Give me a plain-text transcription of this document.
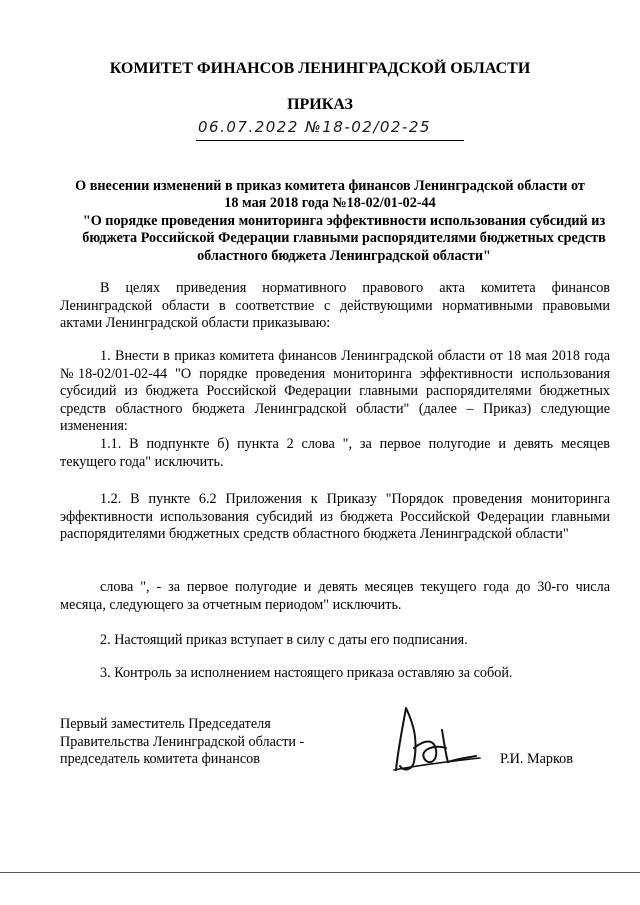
КОМИТЕТ ФИНАНСОВ ЛЕНИНГРАДСКОЙ ОБЛАСТИ
ПРИКАЗ
06.07.2022 №18-02/02-25
О внесении изменений в приказ комитета финансов Ленинградской области от
18 мая 2018 года №18-02/01-02-44
"О порядке проведения мониторинга эффективности использования субсидий из бюджета Российской Федерации главными распорядителями бюджетных средств областного бюджета Ленинградской области"
В целях приведения нормативного правового акта комитета финансов Ленинградской области в соответствие с действующими нормативными правовыми актами Ленинградской области приказываю:
1. Внести в приказ комитета финансов Ленинградской области от 18 мая 2018 года №18-02/01-02-44 "О порядке проведения мониторинга эффективности использования субсидий из бюджета Российской Федерации главными распорядителями бюджетных средств областного бюджета Ленинградской области" (далее – Приказ) следующие изменения:
1.1. В подпункте б) пункта 2 слова ", за первое полугодие и девять месяцев текущего года" исключить.
1.2. В пункте 6.2 Приложения к Приказу "Порядок проведения мониторинга эффективности использования субсидий из бюджета Российской Федерации главными распорядителями бюджетных средств областного бюджета Ленинградской области"
слова ", - за первое полугодие и девять месяцев текущего года до 30-го числа месяца, следующего за отчетным периодом" исключить.
2. Настоящий приказ вступает в силу с даты его подписания.
3. Контроль за исполнением настоящего приказа оставляю за собой.
Первый заместитель Председателя
Правительства Ленинградской области -
председатель комитета финансов	Р.И. Марков
